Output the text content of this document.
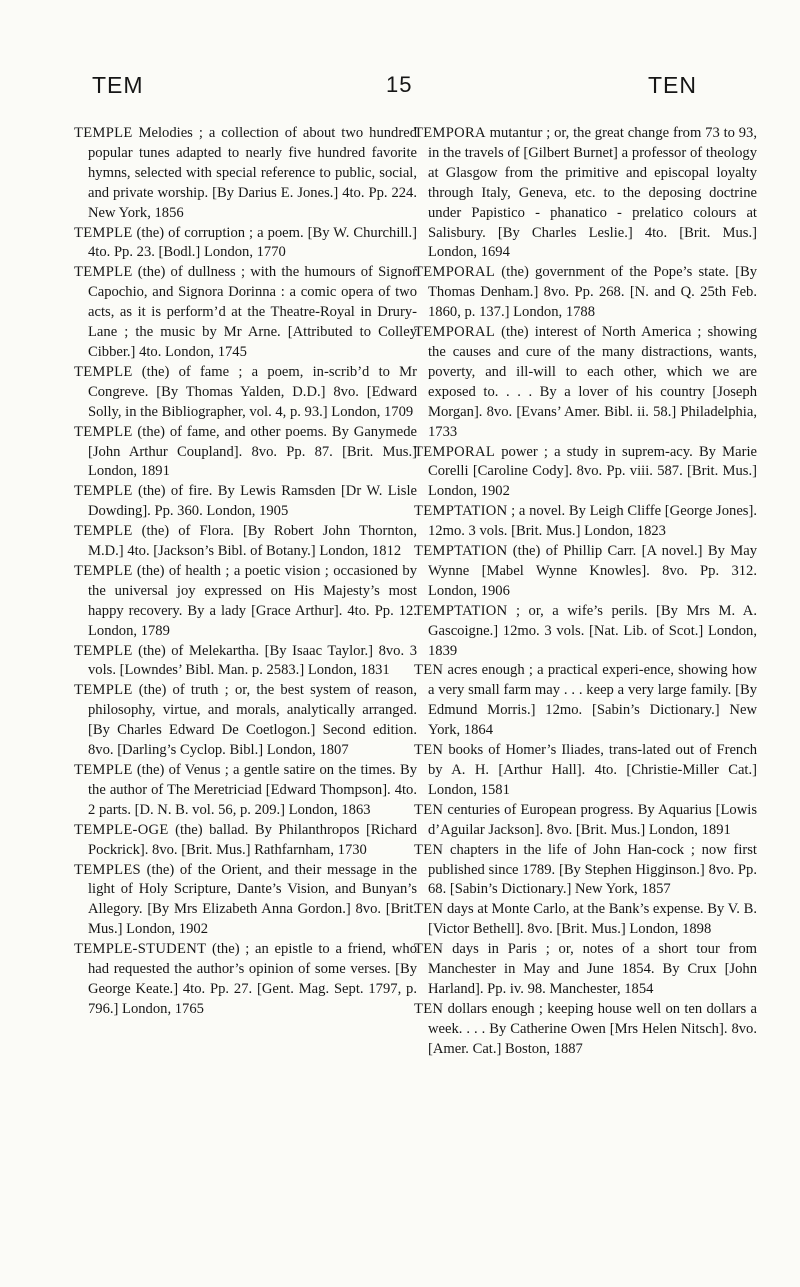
TEM	15	TEN

TEMPLE Melodies ; a collection of about two hundred popular tunes adapted to nearly five hundred favorite hymns, selected with special reference to public, social, and private worship. [By Darius E. Jones.] 4to. Pp. 224. New York, 1856

TEMPLE (the) of corruption ; a poem. [By W. Churchill.] 4to. Pp. 23. [Bodl.] London, 1770

TEMPLE (the) of dullness ; with the humours of Signor Capochio, and Signora Dorinna : a comic opera of two acts, as it is perform’d at the Theatre-Royal in Drury-Lane ; the music by Mr Arne. [Attributed to Colley Cibber.] 4to. London, 1745

TEMPLE (the) of fame ; a poem, in-scrib’d to Mr Congreve. [By Thomas Yalden, D.D.] 8vo. [Edward Solly, in the Bibliographer, vol. 4, p. 93.] London, 1709

TEMPLE (the) of fame, and other poems. By Ganymede [John Arthur Coupland]. 8vo. Pp. 87. [Brit. Mus.] London, 1891

TEMPLE (the) of fire. By Lewis Ramsden [Dr W. Lisle Dowding]. Pp. 360. London, 1905

TEMPLE (the) of Flora. [By Robert John Thornton, M.D.] 4to. [Jackson’s Bibl. of Botany.] London, 1812

TEMPLE (the) of health ; a poetic vision ; occasioned by the universal joy expressed on His Majesty’s most happy recovery. By a lady [Grace Arthur]. 4to. Pp. 12. London, 1789

TEMPLE (the) of Melekartha. [By Isaac Taylor.] 8vo. 3 vols. [Lowndes’ Bibl. Man. p. 2583.] London, 1831

TEMPLE (the) of truth ; or, the best system of reason, philosophy, virtue, and morals, analytically arranged. [By Charles Edward De Coetlogon.] Second edition. 8vo. [Darling’s Cyclop. Bibl.] London, 1807

TEMPLE (the) of Venus ; a gentle satire on the times. By the author of The Meretriciad [Edward Thompson]. 4to. 2 parts. [D. N. B. vol. 56, p. 209.] London, 1863

TEMPLE-OGE (the) ballad. By Philanthropos [Richard Pockrick]. 8vo. [Brit. Mus.] Rathfarnham, 1730

TEMPLES (the) of the Orient, and their message in the light of Holy Scripture, Dante’s Vision, and Bunyan’s Allegory. [By Mrs Elizabeth Anna Gordon.] 8vo. [Brit. Mus.] London, 1902

TEMPLE-STUDENT (the) ; an epistle to a friend, who had requested the author’s opinion of some verses. [By George Keate.] 4to. Pp. 27. [Gent. Mag. Sept. 1797, p. 796.] London, 1765

TEMPORA mutantur ; or, the great change from 73 to 93, in the travels of [Gilbert Burnet] a professor of theology at Glasgow from the primitive and episcopal loyalty through Italy, Geneva, etc. to the deposing doctrine under Papistico - phanatico - prelatico colours at Salisbury. [By Charles Leslie.] 4to. [Brit. Mus.] London, 1694

TEMPORAL (the) government of the Pope’s state. [By Thomas Denham.] 8vo. Pp. 268. [N. and Q. 25th Feb. 1860, p. 137.] London, 1788

TEMPORAL (the) interest of North America ; showing the causes and cure of the many distractions, wants, poverty, and ill-will to each other, which we are exposed to. . . . By a lover of his country [Joseph Morgan]. 8vo. [Evans’ Amer. Bibl. ii. 58.] Philadelphia, 1733

TEMPORAL power ; a study in suprem-acy. By Marie Corelli [Caroline Cody]. 8vo. Pp. viii. 587. [Brit. Mus.] London, 1902

TEMPTATION ; a novel. By Leigh Cliffe [George Jones]. 12mo. 3 vols. [Brit. Mus.] London, 1823

TEMPTATION (the) of Phillip Carr. [A novel.] By May Wynne [Mabel Wynne Knowles]. 8vo. Pp. 312. London, 1906

TEMPTATION ; or, a wife’s perils. [By Mrs M. A. Gascoigne.] 12mo. 3 vols. [Nat. Lib. of Scot.] London, 1839

TEN acres enough ; a practical experi-ence, showing how a very small farm may . . . keep a very large family. [By Edmund Morris.] 12mo. [Sabin’s Dictionary.] New York, 1864

TEN books of Homer’s Iliades, trans-lated out of French by A. H. [Arthur Hall]. 4to. [Christie-Miller Cat.] London, 1581

TEN centuries of European progress. By Aquarius [Lowis d’Aguilar Jackson]. 8vo. [Brit. Mus.] London, 1891

TEN chapters in the life of John Han-cock ; now first published since 1789. [By Stephen Higginson.] 8vo. Pp. 68. [Sabin’s Dictionary.] New York, 1857

TEN days at Monte Carlo, at the Bank’s expense. By V. B. [Victor Bethell]. 8vo. [Brit. Mus.] London, 1898

TEN days in Paris ; or, notes of a short tour from Manchester in May and June 1854. By Crux [John Harland]. Pp. iv. 98. Manchester, 1854

TEN dollars enough ; keeping house well on ten dollars a week. . . . By Catherine Owen [Mrs Helen Nitsch]. 8vo. [Amer. Cat.] Boston, 1887
